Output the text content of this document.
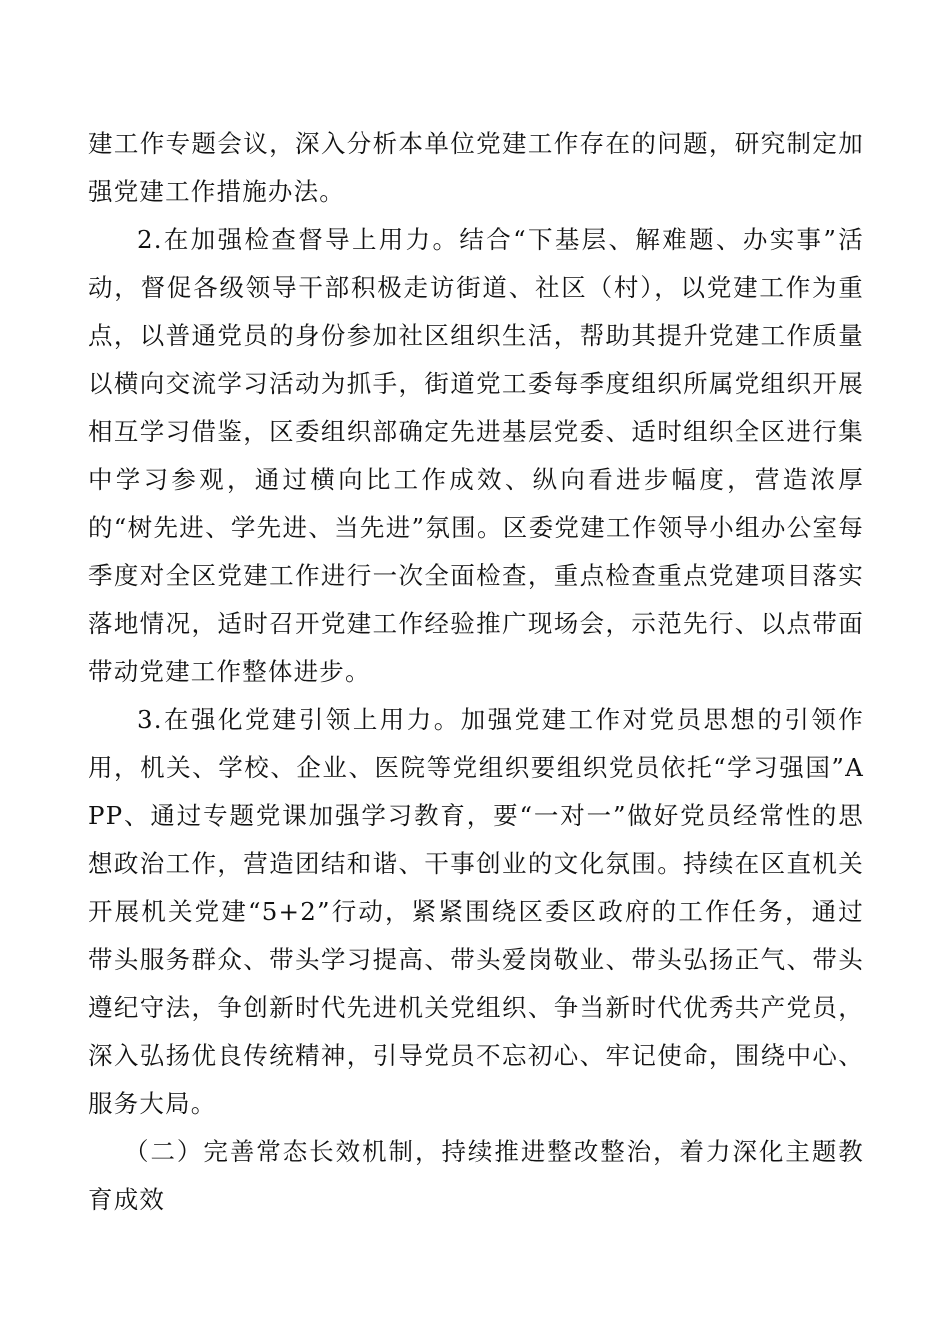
建工作专题会议，深入分析本单位党建工作存在的问题，研究制定加强党建工作措施办法。

2.在加强检查督导上用力。结合“下基层、解难题、办实事”活动，督促各级领导干部积极走访街道、社区（村），以党建工作为重点，以普通党员的身份参加社区组织生活，帮助其提升党建工作质量以横向交流学习活动为抓手，街道党工委每季度组织所属党组织开展相互学习借鉴，区委组织部确定先进基层党委、适时组织全区进行集中学习参观，通过横向比工作成效、纵向看进步幅度，营造浓厚的“树先进、学先进、当先进”氛围。区委党建工作领导小组办公室每季度对全区党建工作进行一次全面检查，重点检查重点党建项目落实落地情况，适时召开党建工作经验推广现场会，示范先行、以点带面带动党建工作整体进步。

3.在强化党建引领上用力。加强党建工作对党员思想的引领作用，机关、学校、企业、医院等党组织要组织党员依托“学习强国”APP、通过专题党课加强学习教育，要“一对一”做好党员经常性的思想政治工作，营造团结和谐、干事创业的文化氛围。持续在区直机关开展机关党建“5+2”行动，紧紧围绕区委区政府的工作任务，通过带头服务群众、带头学习提高、带头爱岗敬业、带头弘扬正气、带头遵纪守法，争创新时代先进机关党组织、争当新时代优秀共产党员，深入弘扬优良传统精神，引导党员不忘初心、牢记使命，围绕中心、服务大局。

（二）完善常态长效机制，持续推进整改整治，着力深化主题教育成效
